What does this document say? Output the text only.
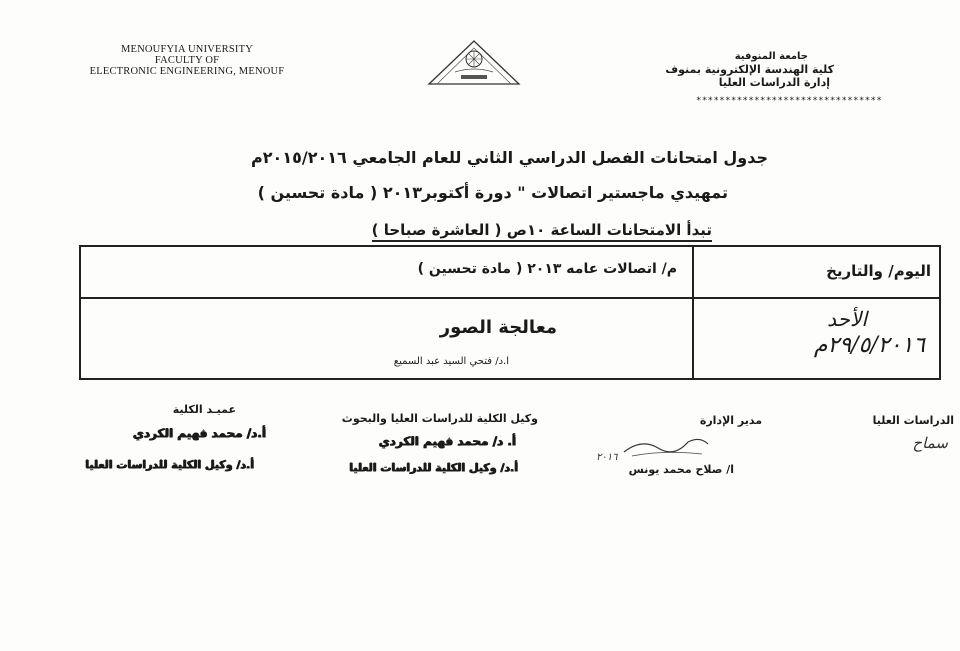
MENOUFYIA UNIVERSITY
FACULTY OF
ELECTRONIC ENGINEERING, MENOUF
جامعة المنوفية
كلية الهندسة الإلكترونية بمنوف
إدارة الدراسات العليا
********************************
جدول امتحانات الفصل الدراسي الثاني للعام الجامعي ٢٠١٥/٢٠١٦م
تمهيدي ماجستير اتصالات " دورة أكتوبر٢٠١٣ ( مادة تحسين )
تبدأ الامتحانات الساعة ١٠ص ( العاشرة صباحا )
اليوم/ والتاريخ
م/ اتصالات عامه ٢٠١٣ ( مادة تحسين )
الأحد
٢٩/٥/٢٠١٦م
معالجة الصور
ا.د/ فتحي السيد عبد السميع
الدراسات العليا
سماح
مدير الإدارة
٢٠١٦
ا/ صلاح محمد يونس
وكيل الكلية للدراسات العليا والبحوث
أ. د/ محمد فهيم الكردي
أ.د/ وكيل الكلية للدراسات العليا
عميـد الكلية
أ.د/ محمد فهيم الكردي
أ.د/ وكيل الكلية للدراسات العليا
